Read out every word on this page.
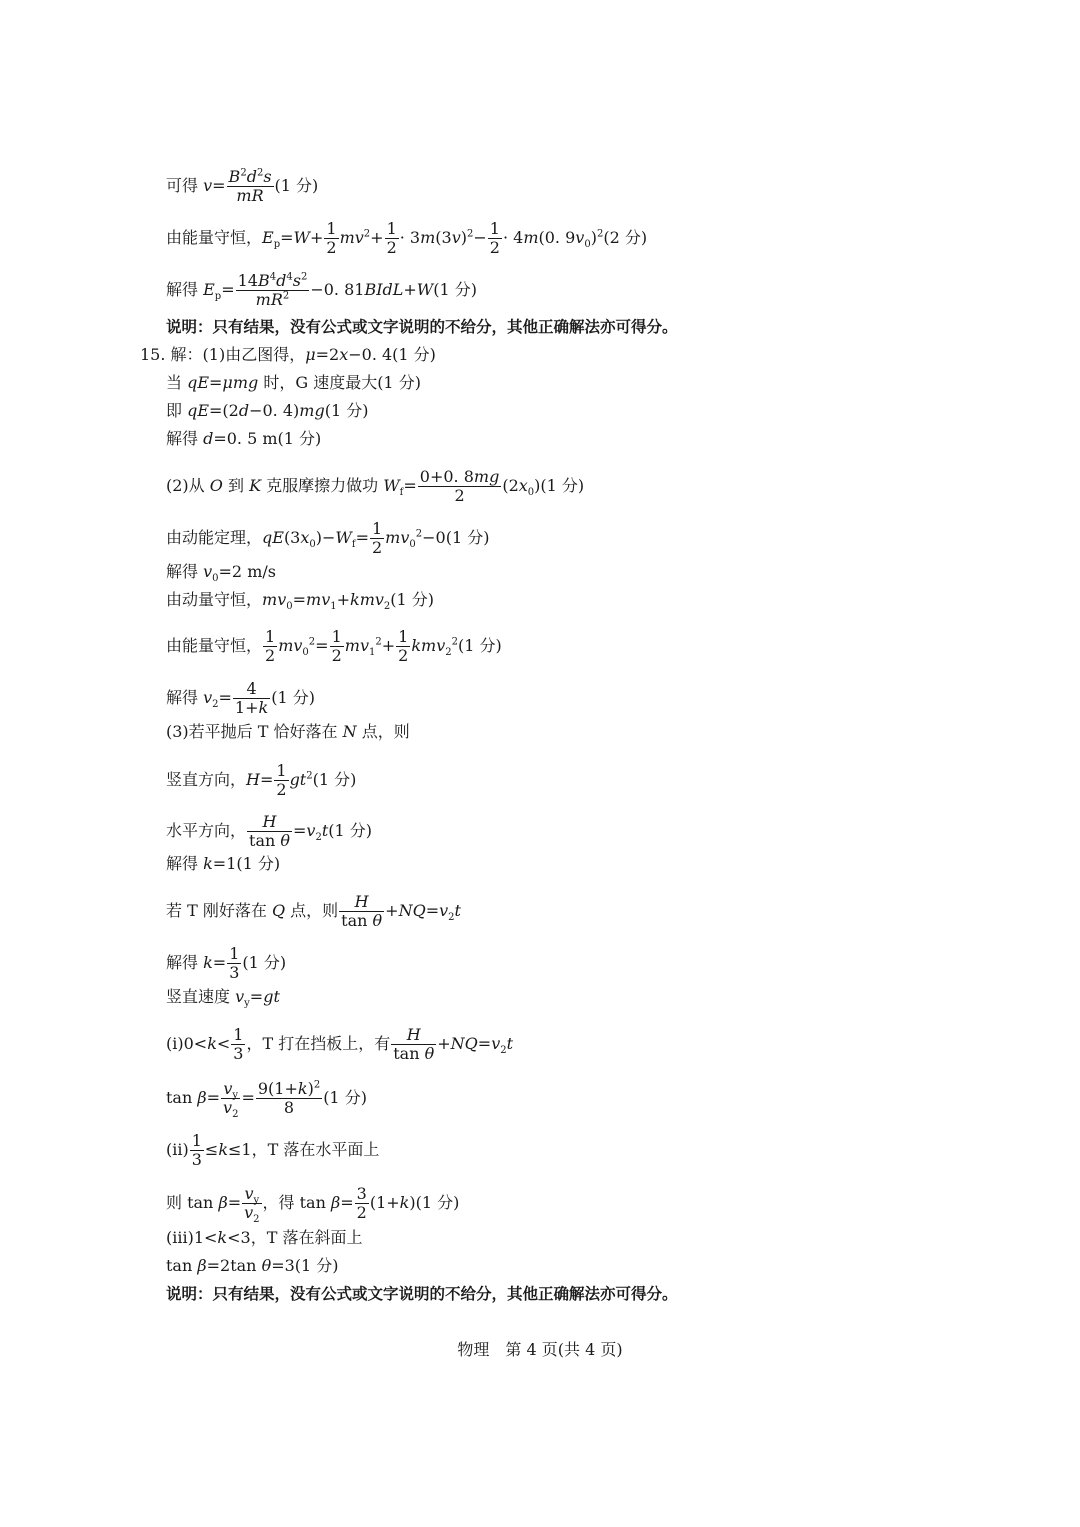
可得 $v= \frac{B^2d^2s}{mR} (1$ 分)
由能量守恒，$E_p=W+ \frac{1}{2} mv^2+ \frac{1}{2} \cdot 3m(3v)^2- \frac{1}{2} \cdot 4m(0$. $9v_0)^2(2$ 分)
解得 $E_p= \frac{14B^4d^4s^2}{mR^2} -0$. 81BIdL+W(1 分)
说明：只有结果，没有公式或文字说明的不给分，其他正确解法亦可得分。
15. 解：(1)由乙图得，μ=2x−0. 4(1 分)
当 qE=μmg 时，G 速度最大(1 分)
即 qE=(2d−0. 4)mg(1 分)
解得 d=0. 5 m(1 分)
(2)从 O 到 K 克服摩擦力做功 $W_f= \frac{0+0. 8mg}{2} (2x_0)(1$ 分)
由动能定理，$qE(3x_0)-W_f= \frac{1}{2} mv_0^2-0(1$ 分)
解得 $v_0=2$ m/s
由动量守恒，$mv_0=mv_1+kmv_2(1$ 分)
由能量守恒， $\frac{1}{2} mv_0^2= \frac{1}{2} mv_1^2+ \frac{1}{2} kmv_2^2(1$ 分)
解得 $v_2= \frac{4}{1+k} (1$ 分)
(3)若平抛后 T 恰好落在 N 点，则
竖直方向，$H= \frac{1}{2} gt^2(1$ 分)
水平方向， $\frac{H}{\text{tan θ}} =v_2t(1$ 分)
解得 k=1(1 分)
若 T 刚好落在 Q 点，则 $\frac{H}{\text{tan θ}} +NQ=v_2t$
解得 $k= \frac{1}{3} (1$ 分)
竖直速度 $v_y=gt$
$(i)0<k< \frac{1}{3}$ ，T 打在挡板上，有 $\frac{H}{\text{tan θ}} +NQ=v_2t$
$\tan \beta= \frac{v_y}{v_2} = \frac{9(1+k)^2}{8} (1$ 分)
$(ii) \frac{1}{3} \le k\le 1$，T 落在水平面上
则 $\tan \beta= \frac{v_y}{v_2}$ ，得 $\tan \beta= \frac{3}{2} (1+k)(1$ 分)
(iii)1<k<3，T 落在斜面上
tan β=2tan θ=3(1 分)
说明：只有结果，没有公式或文字说明的不给分，其他正确解法亦可得分。
物理　第 4 页(共 4 页)
